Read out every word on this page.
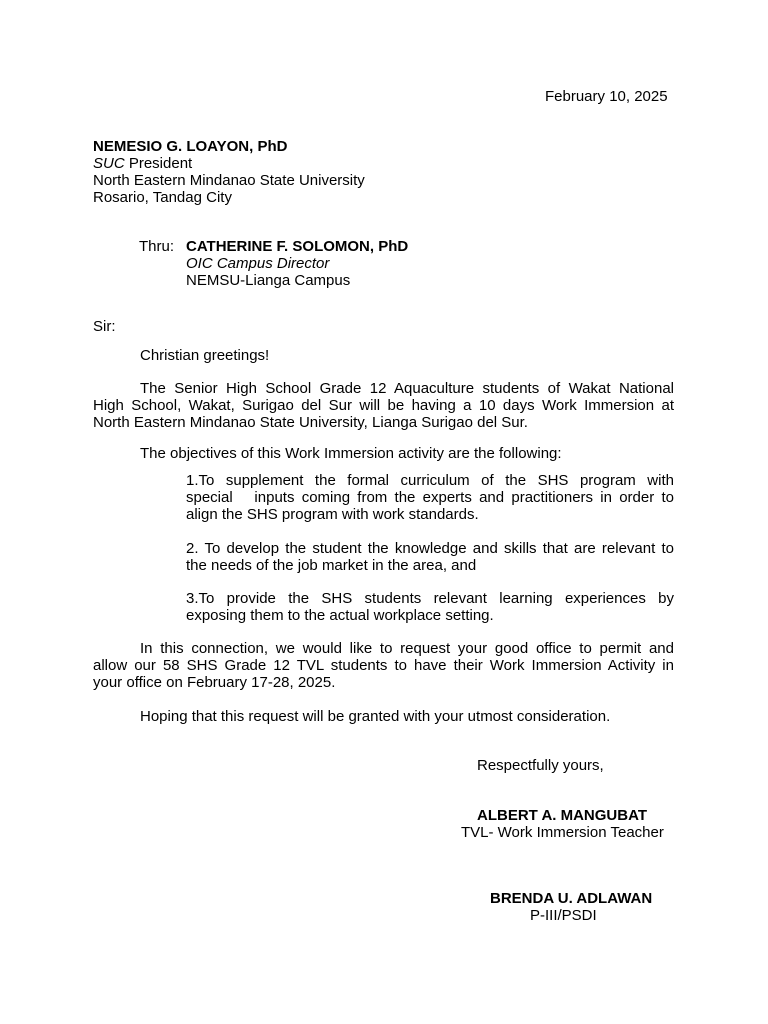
February 10, 2025
NEMESIO G. LOAYON, PhD
SUC President
North Eastern Mindanao State University
Rosario, Tandag City
Thru: CATHERINE F. SOLOMON, PhD
OIC Campus Director
NEMSU-Lianga Campus
Sir:
Christian greetings!
The Senior High School Grade 12 Aquaculture students of Wakat National
High School, Wakat, Surigao del Sur will be having a 10 days Work Immersion at
North Eastern Mindanao State University, Lianga Surigao del Sur.
The objectives of this Work Immersion activity are the following:
1.To supplement the formal curriculum of the SHS program with
special   inputs coming from the experts and practitioners in order to
align the SHS program with work standards.
2. To develop the student the knowledge and skills that are relevant to
the needs of the job market in the area, and
3.To provide the SHS students relevant learning experiences by
exposing them to the actual workplace setting.
In this connection, we would like to request your good office to permit and
allow our 58 SHS Grade 12 TVL students to have their Work Immersion Activity in
your office on February 17-28, 2025.
Hoping that this request will be granted with your utmost consideration.
Respectfully yours,
ALBERT A. MANGUBAT
TVL- Work Immersion Teacher
BRENDA U. ADLAWAN
P-III/PSDI
